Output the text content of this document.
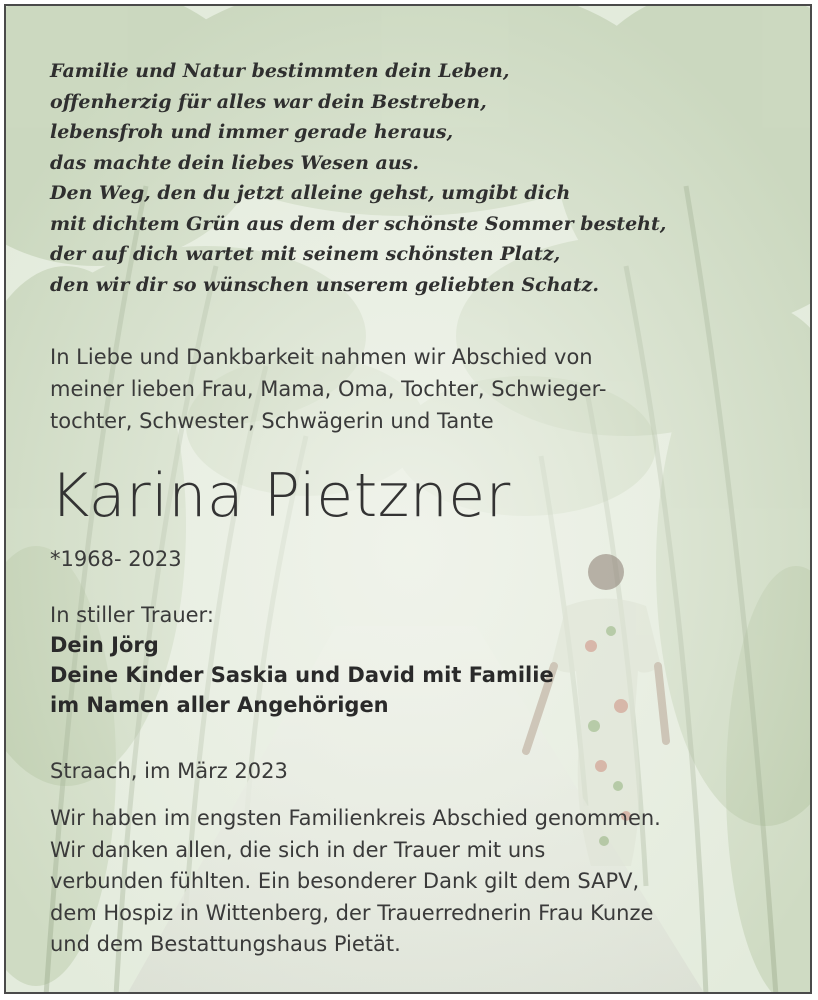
Familie und Natur bestimmten dein Leben,
offenherzig für alles war dein Bestreben,
lebensfroh und immer gerade heraus,
das machte dein liebes Wesen aus.
Den Weg, den du jetzt alleine gehst, umgibt dich
mit dichtem Grün aus dem der schönste Sommer besteht,
der auf dich wartet mit seinem schönsten Platz,
den wir dir so wünschen unserem geliebten Schatz.
In Liebe und Dankbarkeit nahmen wir Abschied von
meiner lieben Frau, Mama, Oma, Tochter, Schwieger-
tochter, Schwester, Schwägerin und Tante
Karina Pietzner
*1968- 2023
In stiller Trauer:
Dein Jörg
Deine Kinder Saskia und David mit Familie
im Namen aller Angehörigen
Straach, im März 2023
Wir haben im engsten Familienkreis Abschied genommen.
Wir danken allen, die sich in der Trauer mit uns
verbunden fühlten. Ein besonderer Dank gilt dem SAPV,
dem Hospiz in Wittenberg, der Trauerrednerin Frau Kunze
und dem Bestattungshaus Pietät.
